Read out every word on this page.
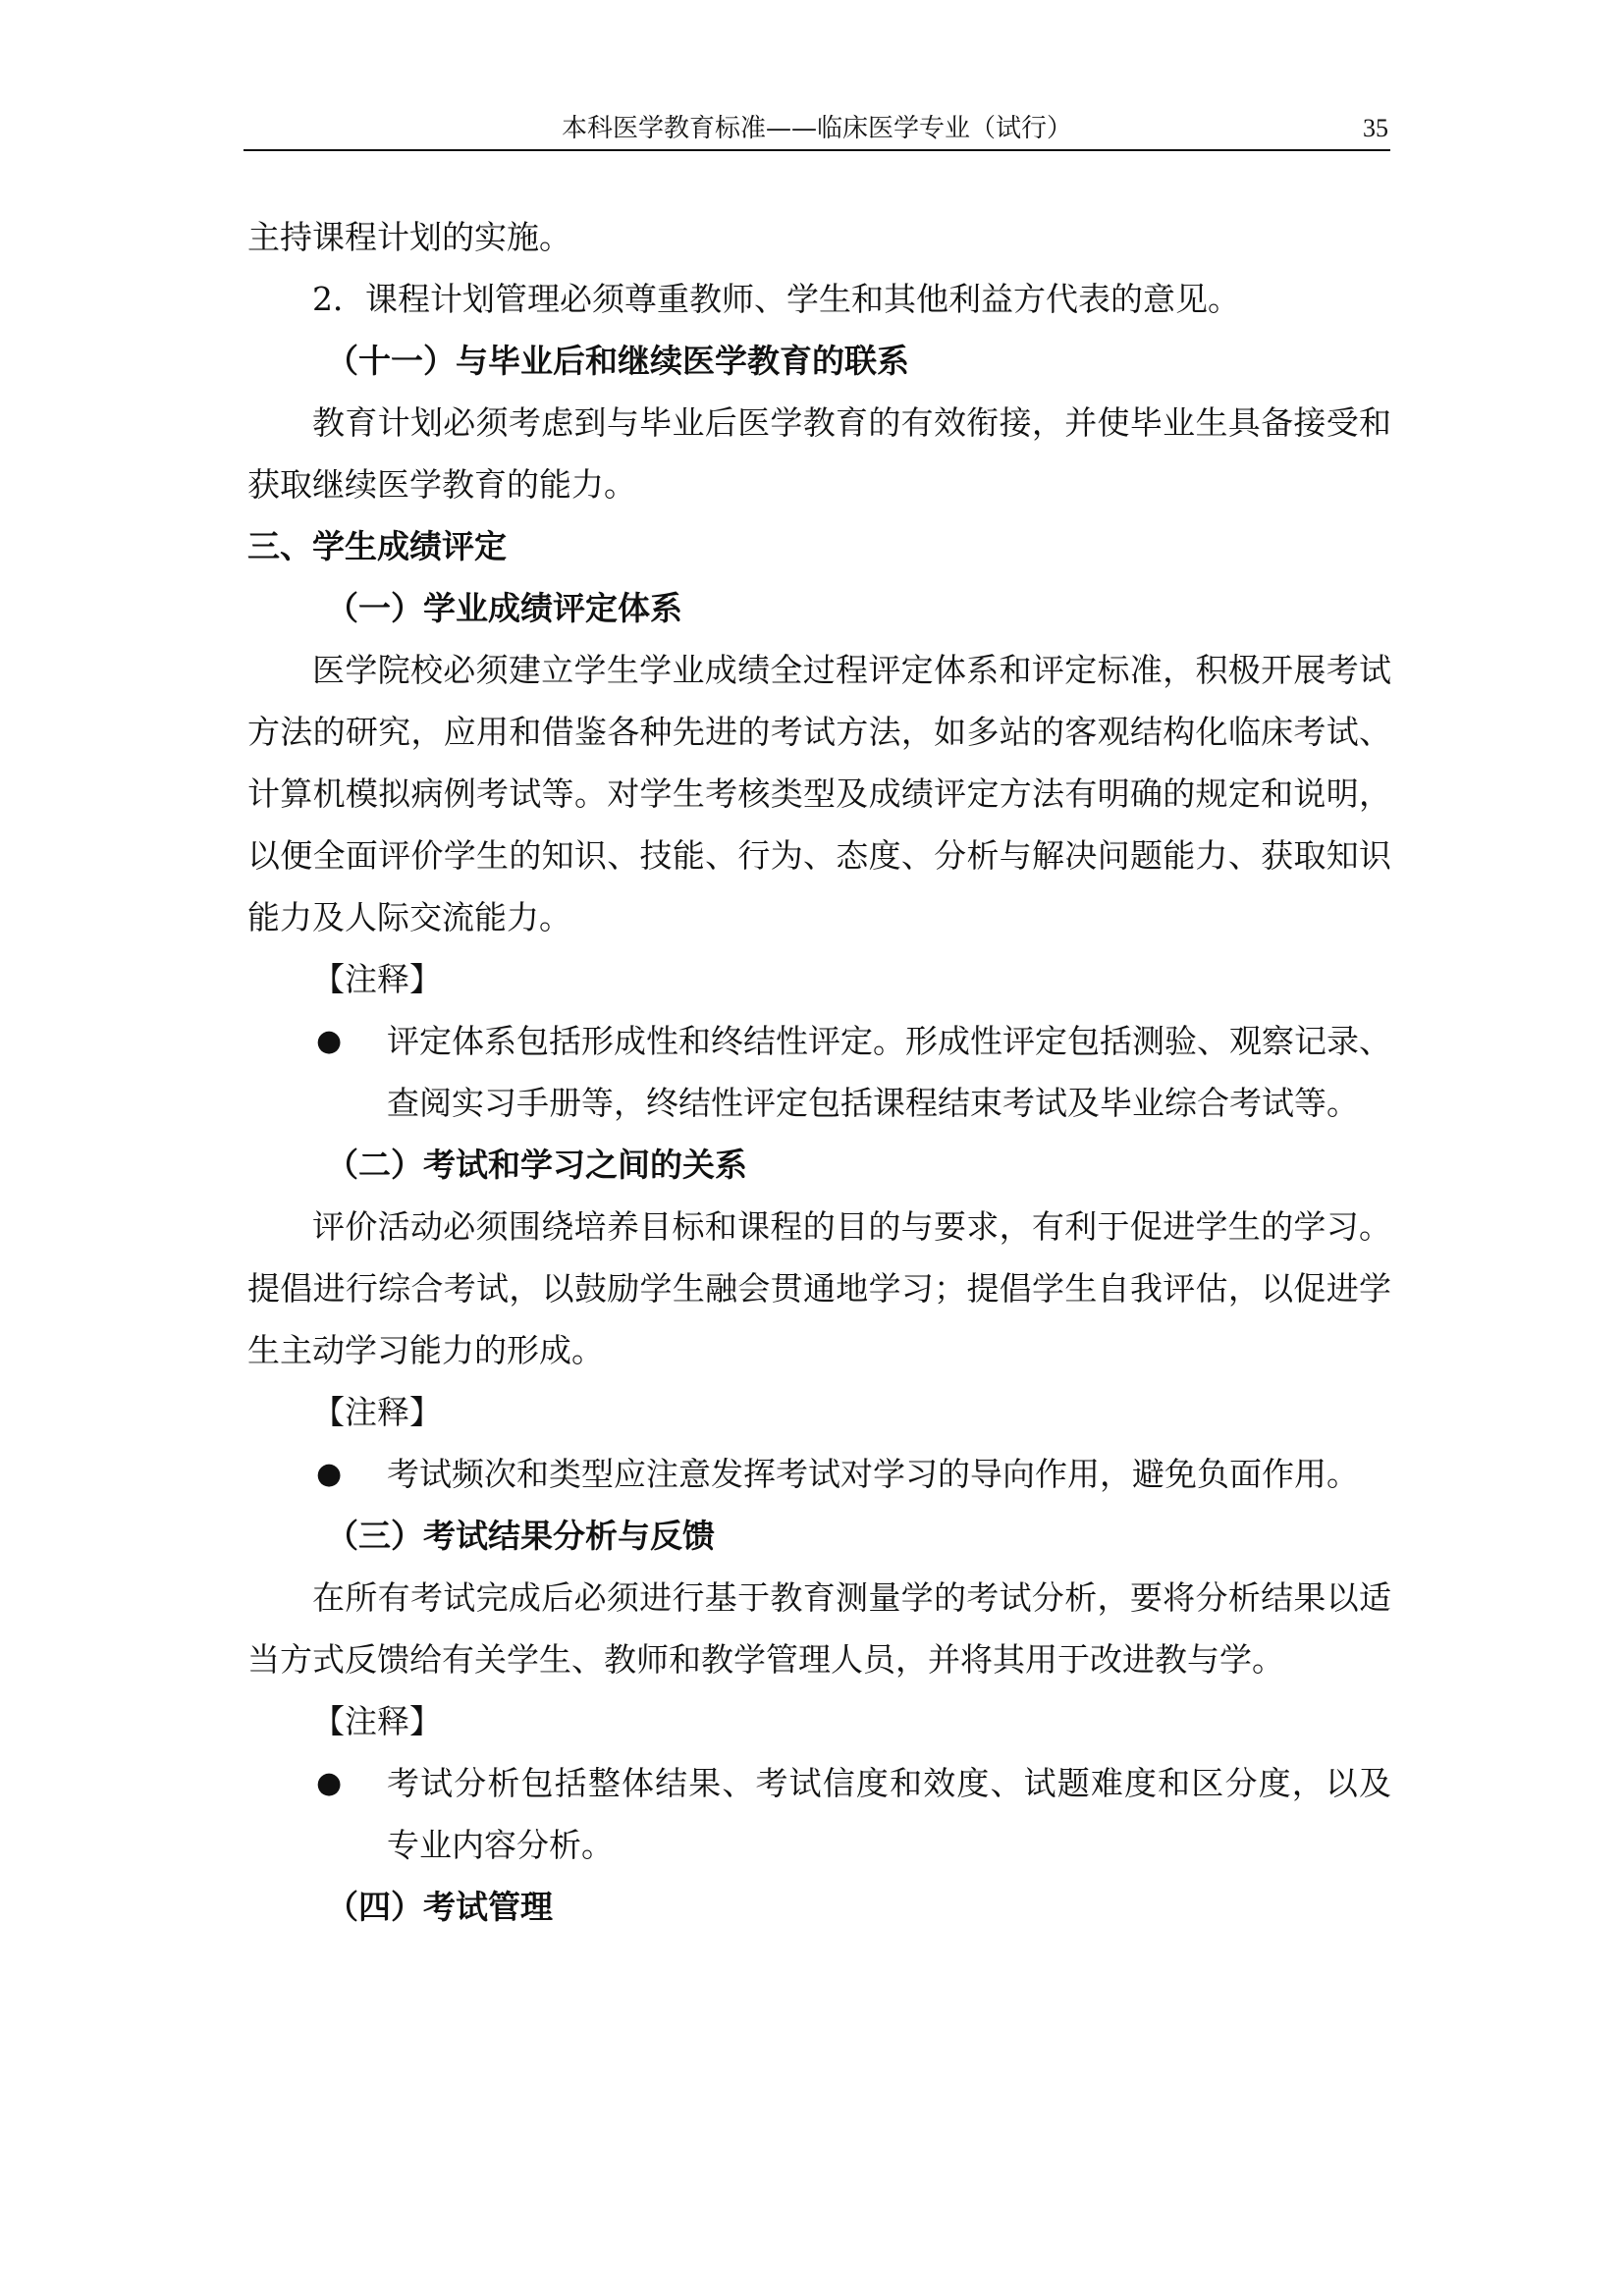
本科医学教育标准——临床医学专业（试行）	35
主持课程计划的实施。
2．课程计划管理必须尊重教师、学生和其他利益方代表的意见。
（十一）与毕业后和继续医学教育的联系
教育计划必须考虑到与毕业后医学教育的有效衔接，并使毕业生具备接受和
获取继续医学教育的能力。
三、学生成绩评定
（一）学业成绩评定体系
医学院校必须建立学生学业成绩全过程评定体系和评定标准，积极开展考试
方法的研究，应用和借鉴各种先进的考试方法，如多站的客观结构化临床考试、
计算机模拟病例考试等。对学生考核类型及成绩评定方法有明确的规定和说明，
以便全面评价学生的知识、技能、行为、态度、分析与解决问题能力、获取知识
能力及人际交流能力。
【注释】
● 评定体系包括形成性和终结性评定。形成性评定包括测验、观察记录、
查阅实习手册等，终结性评定包括课程结束考试及毕业综合考试等。
（二）考试和学习之间的关系
评价活动必须围绕培养目标和课程的目的与要求，有利于促进学生的学习。
提倡进行综合考试，以鼓励学生融会贯通地学习；提倡学生自我评估，以促进学
生主动学习能力的形成。
【注释】
● 考试频次和类型应注意发挥考试对学习的导向作用，避免负面作用。
（三）考试结果分析与反馈
在所有考试完成后必须进行基于教育测量学的考试分析，要将分析结果以适
当方式反馈给有关学生、教师和教学管理人员，并将其用于改进教与学。
【注释】
● 考试分析包括整体结果、考试信度和效度、试题难度和区分度，以及
专业内容分析。
（四）考试管理
